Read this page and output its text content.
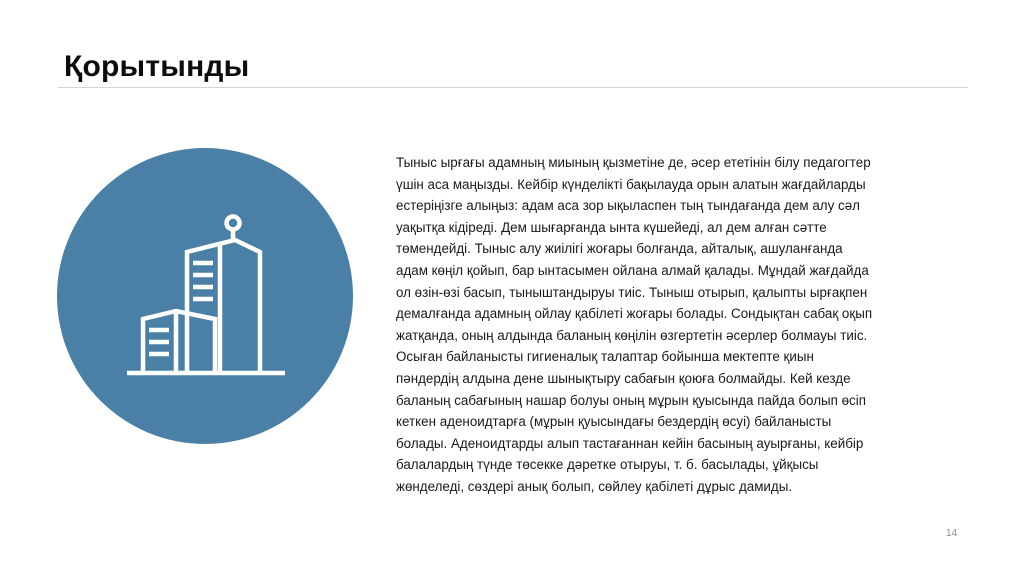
Қорытынды
Тыныс ырғағы адамның миының қызметіне де, әсер ететінін білу педагогтер
үшін аса маңызды. Кейбір күнделікті бақылауда орын алатын жағдайларды
естеріңізге алыңыз: адам аса зор ықыласпен тың тындағанда дем алу сәл
уақытқа кідіреді. Дем шығарғанда ынта күшейеді, ал дем алған сәтте
төмендейді. Тыныс алу жиілігі жоғары болғанда, айталық, ашуланғанда
адам көңіл қойып, бар ынтасымен ойлана алмай қалады. Мұндай жағдайда
ол өзін-өзі басып, тыныштандыруы тиіс. Тыныш отырып, қалыпты ырғақпен
демалғанда адамның ойлау қабілеті жоғары болады. Сондықтан сабақ оқып
жатқанда, оның алдында баланың көңілін өзгертетін әсерлер болмауы тиіс.
Осыған байланысты гигиеналық талаптар бойынша мектепте қиын
пәндердің алдына дене шынықтыру сабағын қоюға болмайды. Кей кезде
баланың сабағының нашар болуы оның мұрын қуысында пайда болып өсіп
кеткен аденоидтарға (мұрын қуысындағы бездердің өсуі) байланысты
болады. Аденоидтарды алып тастағаннан кейін басының ауырғаны, кейбір
балалардың түнде төсекке дәретке отыруы, т. б. басылады, ұйқысы
жөнделеді, сөздері анық болып, сөйлеу қабілеті дұрыс дамиды.
14
